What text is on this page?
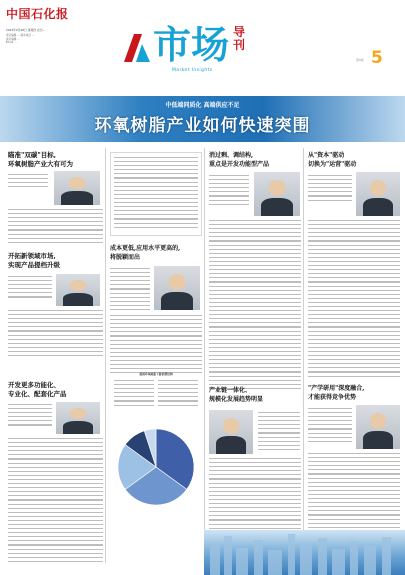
中国石化报
2023年9月28日 星期四 农历…
责任编辑 … 联系电话 …
美术编辑 …
Email …	市场 导刊
Market Insights
第5版 5
中低端同质化 高端供应不足
环氧树脂产业如何快速突围
瞄准"双碳"目标,
环氧树脂产业大有可为
开拓新领域市场,
实现产品提档升级
开发更多功能化、
专业化、配套化产品
成本更低,应用水平更高的,
将脱颖而出
我国环氧树脂下游消费结构
消过剩、调结构,
重点是开发功能型产品
产业链一体化、
规模化发展趋势明显
从"资本"驱动
切换为"运营"驱动
"产学研用"深度融合,
才能获得竞争优势
